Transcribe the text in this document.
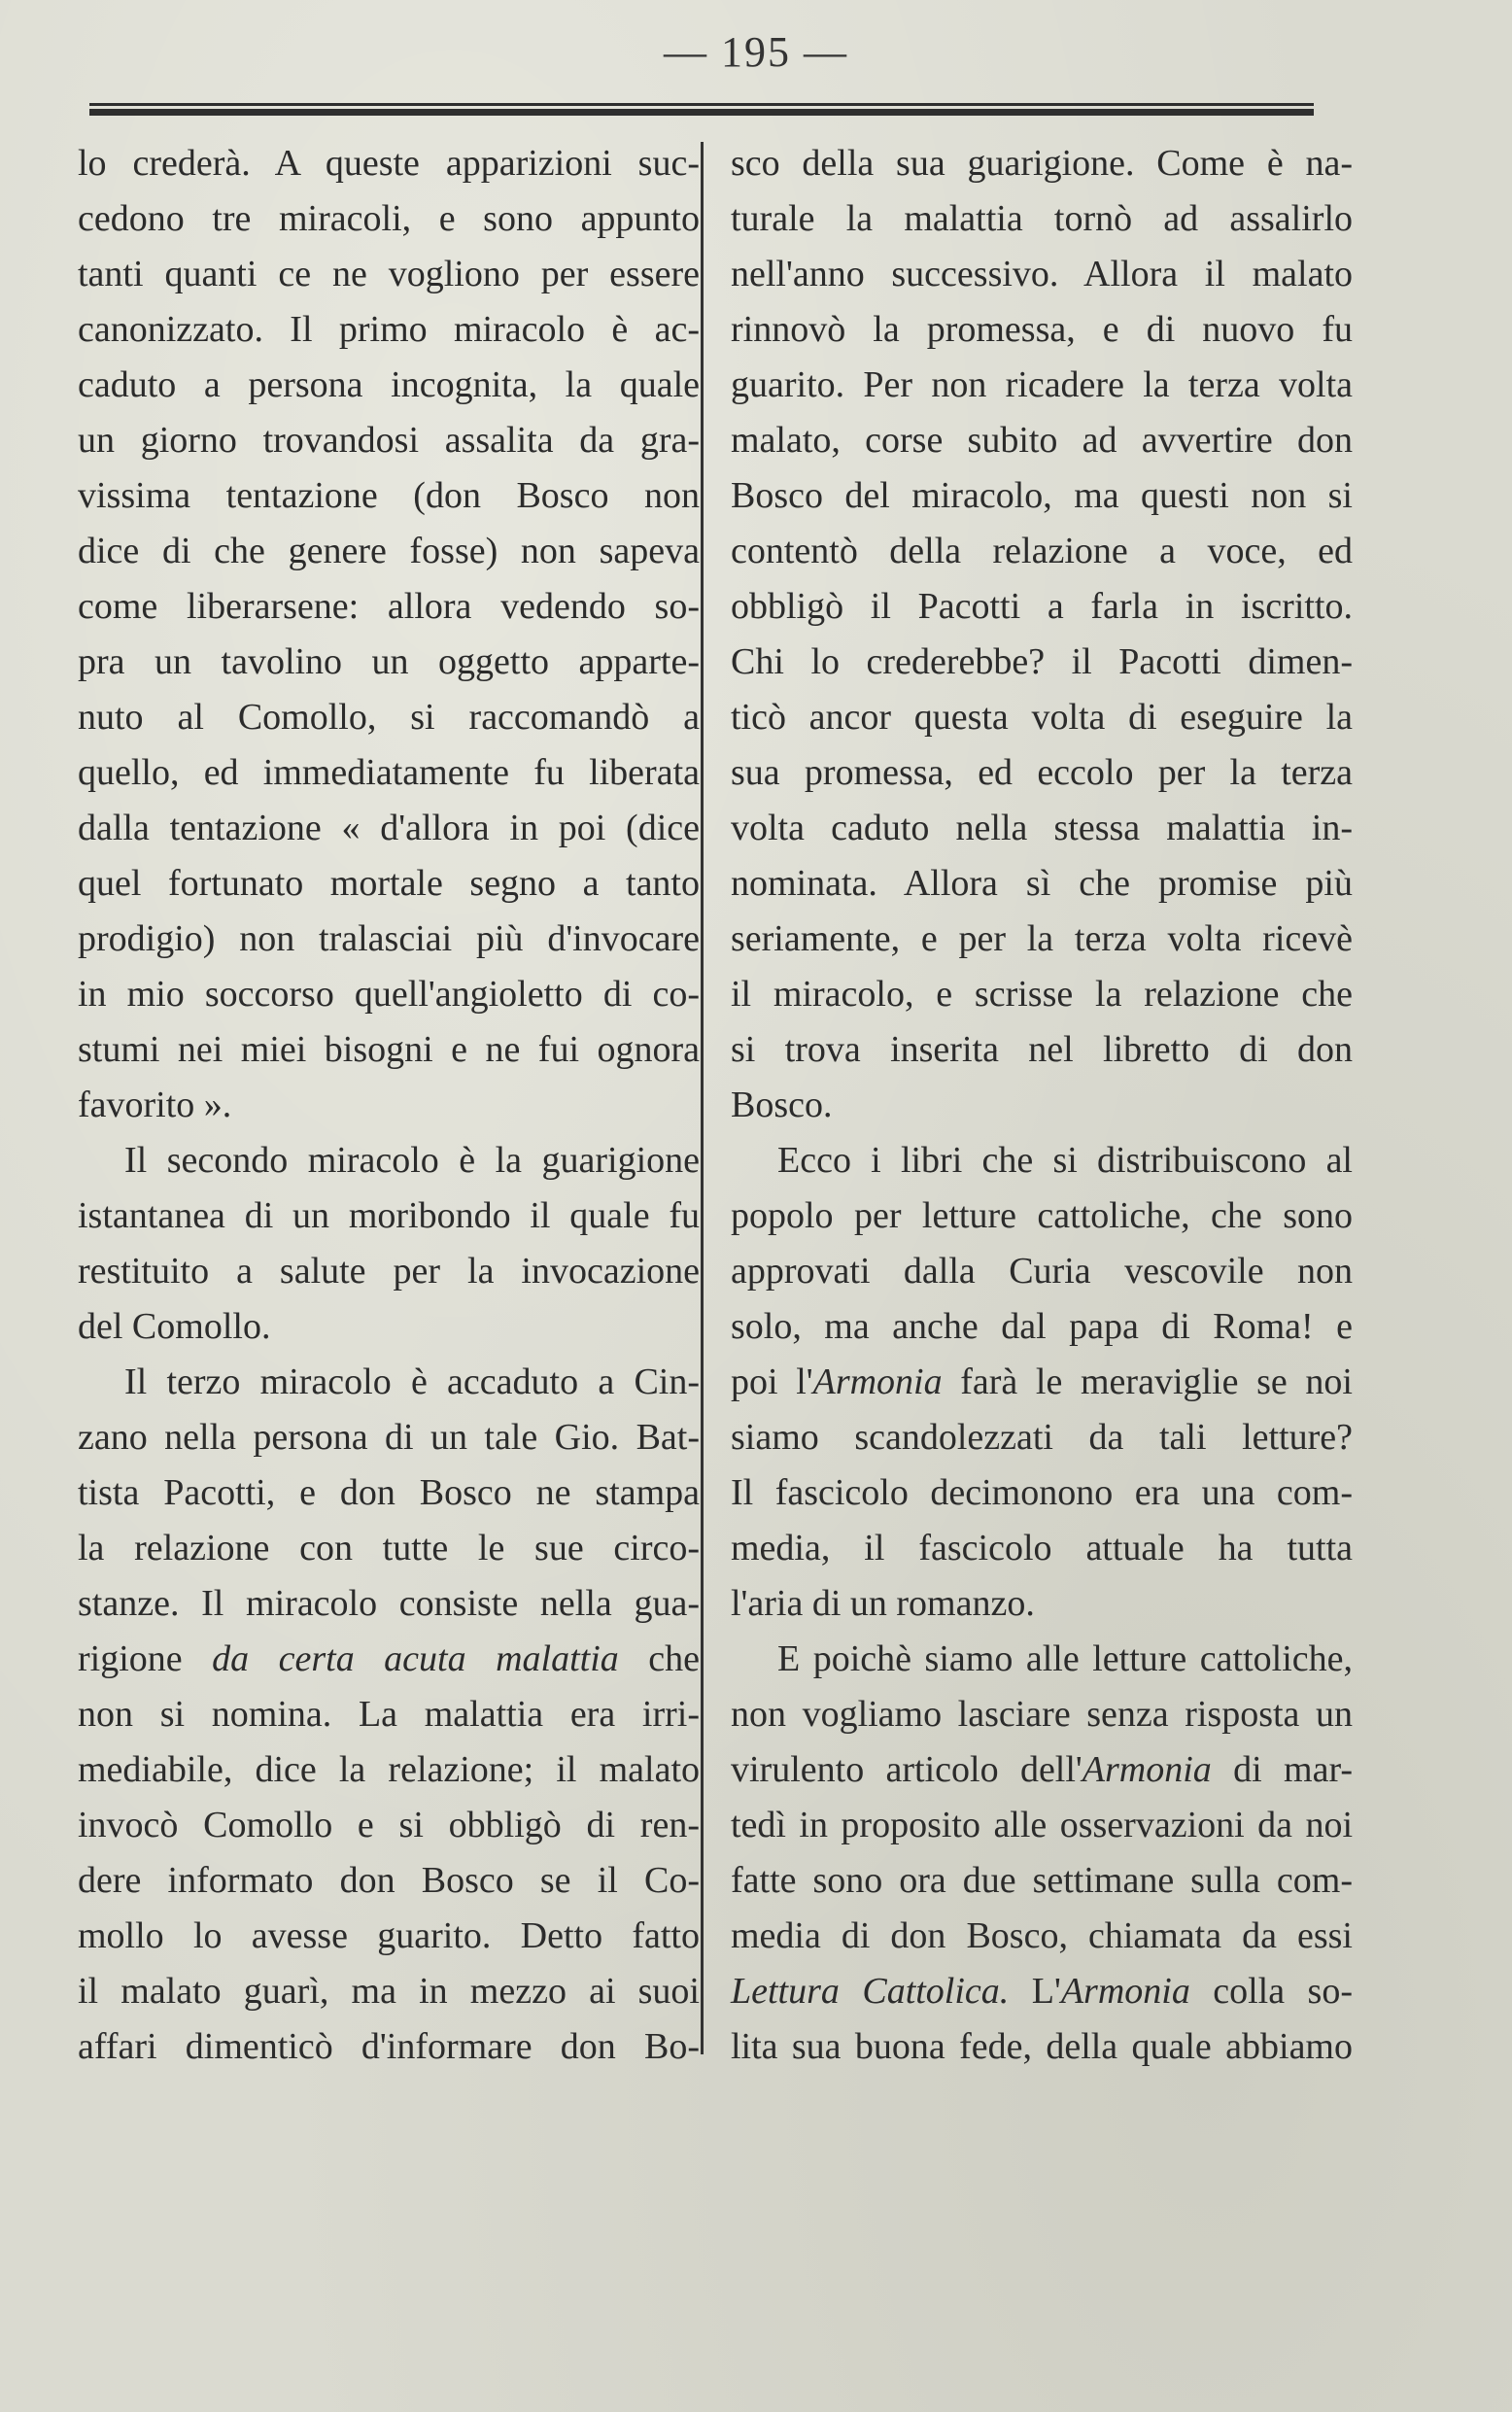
— 195 —
lo crederà. A queste apparizioni suc-
cedono tre miracoli, e sono appunto
tanti quanti ce ne vogliono per essere
canonizzato. Il primo miracolo è ac-
caduto a persona incognita, la quale
un giorno trovandosi assalita da gra-
vissima tentazione (don Bosco non
dice di che genere fosse) non sapeva
come liberarsene: allora vedendo so-
pra un tavolino un oggetto apparte-
nuto al Comollo, si raccomandò a
quello, ed immediatamente fu liberata
dalla tentazione « d'allora in poi (dice
quel fortunato mortale segno a tanto
prodigio) non tralasciai più d'invocare
in mio soccorso quell'angioletto di co-
stumi nei miei bisogni e ne fui ognora
favorito ».
Il secondo miracolo è la guarigione
istantanea di un moribondo il quale fu
restituito a salute per la invocazione
del Comollo.
Il terzo miracolo è accaduto a Cin-
zano nella persona di un tale Gio. Bat-
tista Pacotti, e don Bosco ne stampa
la relazione con tutte le sue circo-
stanze. Il miracolo consiste nella gua-
rigione da certa acuta malattia che
non si nomina. La malattia era irri-
mediabile, dice la relazione; il malato
invocò Comollo e si obbligò di ren-
dere informato don Bosco se il Co-
mollo lo avesse guarito. Detto fatto
il malato guarì, ma in mezzo ai suoi
affari dimenticò d'informare don Bo-
sco della sua guarigione. Come è na-
turale la malattia tornò ad assalirlo
nell'anno successivo. Allora il malato
rinnovò la promessa, e di nuovo fu
guarito. Per non ricadere la terza volta
malato, corse subito ad avvertire don
Bosco del miracolo, ma questi non si
contentò della relazione a voce, ed
obbligò il Pacotti a farla in iscritto.
Chi lo crederebbe? il Pacotti dimen-
ticò ancor questa volta di eseguire la
sua promessa, ed eccolo per la terza
volta caduto nella stessa malattia in-
nominata. Allora sì che promise più
seriamente, e per la terza volta ricevè
il miracolo, e scrisse la relazione che
si trova inserita nel libretto di don
Bosco.
Ecco i libri che si distribuiscono al
popolo per letture cattoliche, che sono
approvati dalla Curia vescovile non
solo, ma anche dal papa di Roma! e
poi l'Armonia farà le meraviglie se noi
siamo scandolezzati da tali letture?
Il fascicolo decimonono era una com-
media, il fascicolo attuale ha tutta
l'aria di un romanzo.
E poichè siamo alle letture cattoliche,
non vogliamo lasciare senza risposta un
virulento articolo dell'Armonia di mar-
tedì in proposito alle osservazioni da noi
fatte sono ora due settimane sulla com-
media di don Bosco, chiamata da essi
Lettura Cattolica. L'Armonia colla so-
lita sua buona fede, della quale abbiamo
